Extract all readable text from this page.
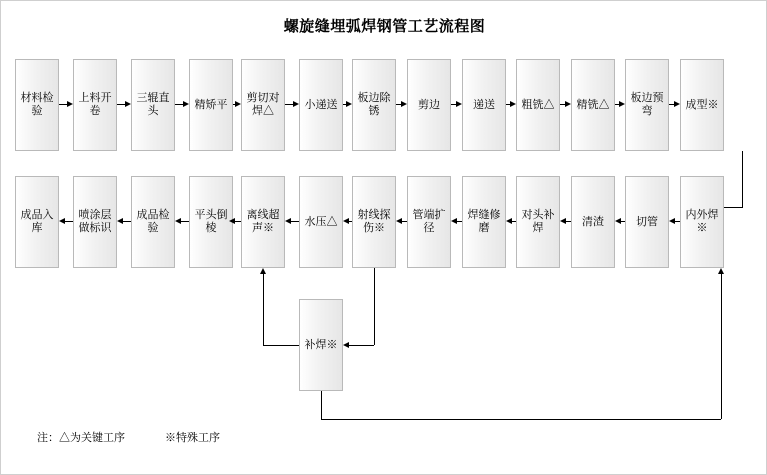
螺旋缝埋弧焊钢管工艺流程图
材料检验
上料开卷
三辊直头
精矫平
剪切对焊△
小递送
板边除锈
剪边	递送	粗铣△ 精铣△
板边预弯
成型※
内外焊※
切管
清渣
对头补焊
焊缝修磨
管端扩径
射线探伤※
水压△
离线超声※
平头倒棱
成品检验
喷涂层做标识
成品入库
补焊※
注：△为关键工序	※特殊工序
